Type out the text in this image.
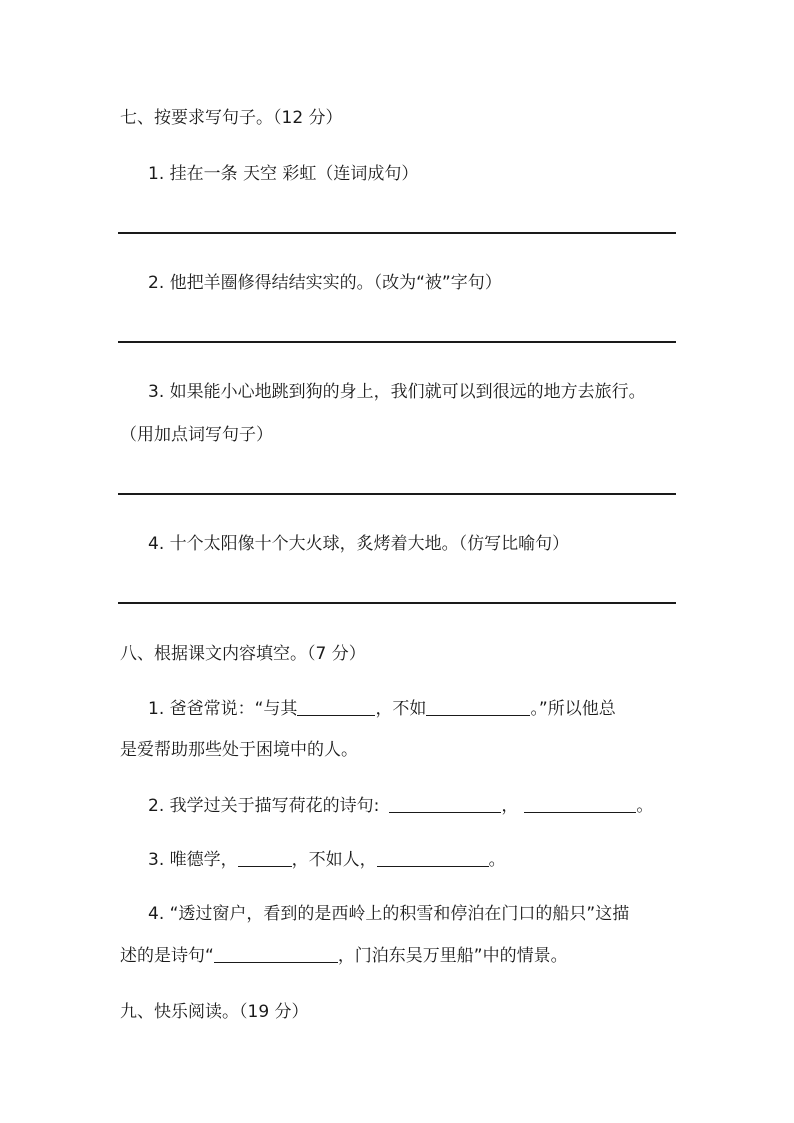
七、按要求写句子。（12 分）
1. 挂在一条 天空 彩虹（连词成句）
2. 他把羊圈修得结结实实的。（改为“被”字句）
3. 如果能小心地跳到狗的身上，我们就可以到很远的地方去旅行。
（用加点词写句子）
4. 十个太阳像十个大火球，炙烤着大地。（仿写比喻句）
八、根据课文内容填空。（7 分）
1. 爸爸常说：“与其	，不如	。”所以他总
是爱帮助那些处于困境中的人。
2. 我学过关于描写荷花的诗句:	，	。
3. 唯德学，	，不如人，	。
4. “透过窗户，看到的是西岭上的积雪和停泊在门口的船只”这描
述的是诗句“	，门泊东吴万里船”中的情景。
九、快乐阅读。（19 分）
